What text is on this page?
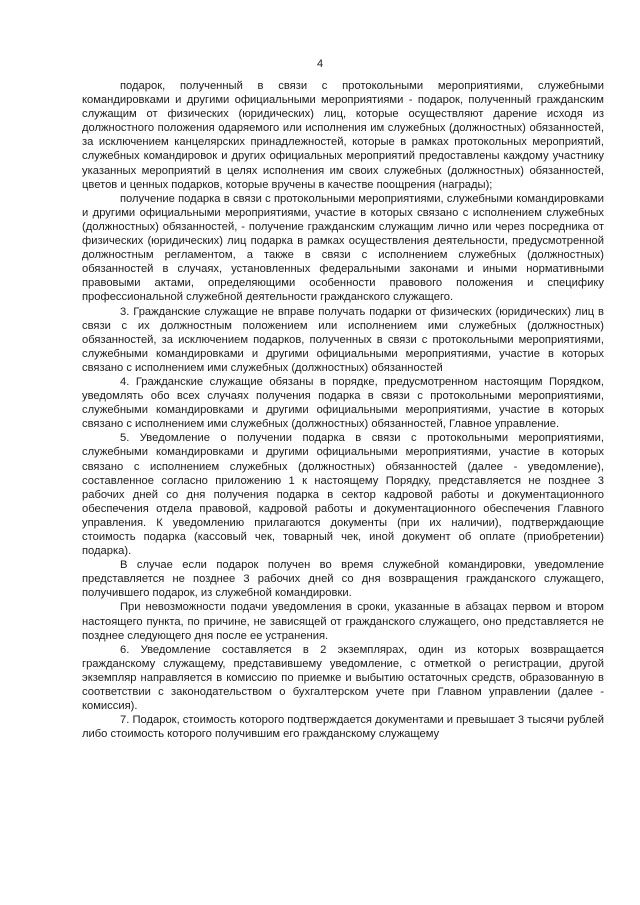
4

подарок, полученный в связи с протокольными мероприятиями, служебными командировками и другими официальными мероприятиями - подарок, полученный гражданским служащим от физических (юридических) лиц, которые осуществляют дарение исходя из должностного положения одаряемого или исполнения им служебных (должностных) обязанностей, за исключением канцелярских принадлежностей, которые в рамках протокольных мероприятий, служебных командировок и других официальных мероприятий предоставлены каждому участнику указанных мероприятий в целях исполнения им своих служебных (должностных) обязанностей, цветов и ценных подарков, которые вручены в качестве поощрения (награды);

получение подарка в связи с протокольными мероприятиями, служебными командировками и другими официальными мероприятиями, участие в которых связано с исполнением служебных (должностных) обязанностей, - получение гражданским служащим лично или через посредника от физических (юридических) лиц подарка в рамках осуществления деятельности, предусмотренной должностным регламентом, а также в связи с исполнением служебных (должностных) обязанностей в случаях, установленных федеральными законами и иными нормативными правовыми актами, определяющими особенности правового положения и специфику профессиональной служебной деятельности гражданского служащего.

3. Гражданские служащие не вправе получать подарки от физических (юридических) лиц в связи с их должностным положением или исполнением ими служебных (должностных) обязанностей, за исключением подарков, полученных в связи с протокольными мероприятиями, служебными командировками и другими официальными мероприятиями, участие в которых связано с исполнением ими служебных (должностных) обязанностей

4. Гражданские служащие обязаны в порядке, предусмотренном настоящим Порядком, уведомлять обо всех случаях получения подарка в связи с протокольными мероприятиями, служебными командировками и другими официальными мероприятиями, участие в которых связано с исполнением ими служебных (должностных) обязанностей, Главное управление.

5. Уведомление о получении подарка в связи с протокольными мероприятиями, служебными командировками и другими официальными мероприятиями, участие в которых связано с исполнением служебных (должностных) обязанностей (далее - уведомление), составленное согласно приложению 1 к настоящему Порядку, представляется не позднее 3 рабочих дней со дня получения подарка в сектор кадровой работы и документационного обеспечения отдела правовой, кадровой работы и документационного обеспечения Главного управления. К уведомлению прилагаются документы (при их наличии), подтверждающие стоимость подарка (кассовый чек, товарный чек, иной документ об оплате (приобретении) подарка).

В случае если подарок получен во время служебной командировки, уведомление представляется не позднее 3 рабочих дней со дня возвращения гражданского служащего, получившего подарок, из служебной командировки.

При невозможности подачи уведомления в сроки, указанные в абзацах первом и втором настоящего пункта, по причине, не зависящей от гражданского служащего, оно представляется не позднее следующего дня после ее устранения.

6. Уведомление составляется в 2 экземплярах, один из которых возвращается гражданскому служащему, представившему уведомление, с отметкой о регистрации, другой экземпляр направляется в комиссию по приемке и выбытию остаточных средств, образованную в соответствии с законодательством о бухгалтерском учете при Главном управлении (далее - комиссия).

7. Подарок, стоимость которого подтверждается документами и превышает 3 тысячи рублей либо стоимость которого получившим его гражданскому служащему
